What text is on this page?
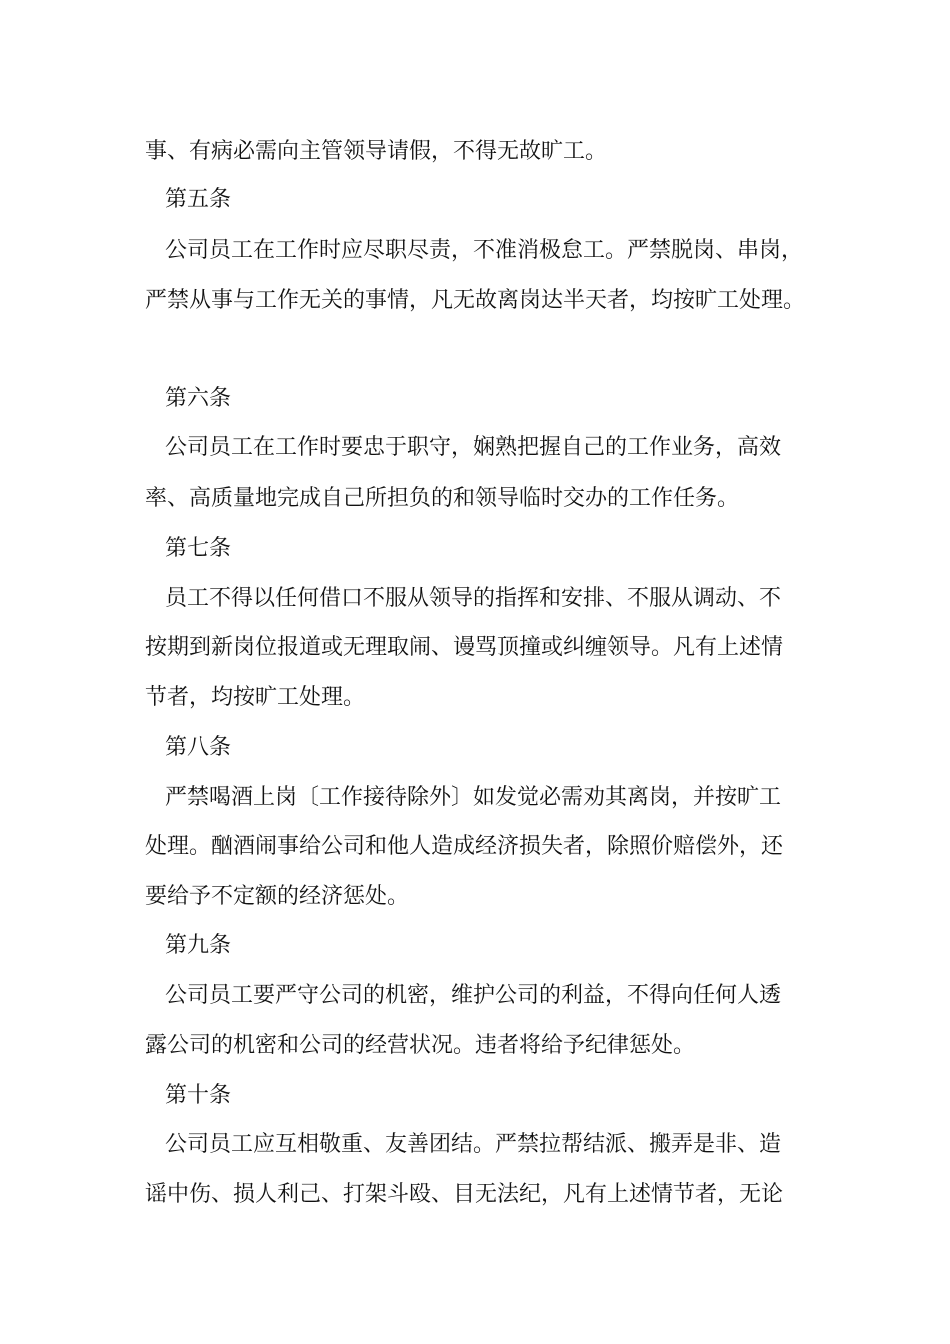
事、有病必需向主管领导请假，不得无故旷工。
第五条
公司员工在工作时应尽职尽责，不准消极怠工。严禁脱岗、串岗，
严禁从事与工作无关的事情，凡无故离岗达半天者，均按旷工处理。
第六条
公司员工在工作时要忠于职守，娴熟把握自己的工作业务，高效
率、高质量地完成自己所担负的和领导临时交办的工作任务。
第七条
员工不得以任何借口不服从领导的指挥和安排、不服从调动、不
按期到新岗位报道或无理取闹、谩骂顶撞或纠缠领导。凡有上述情
节者，均按旷工处理。
第八条
严禁喝酒上岗〔工作接待除外〕如发觉必需劝其离岗，并按旷工
处理。酗酒闹事给公司和他人造成经济损失者，除照价赔偿外，还
要给予不定额的经济惩处。
第九条
公司员工要严守公司的机密，维护公司的利益，不得向任何人透
露公司的机密和公司的经营状况。违者将给予纪律惩处。
第十条
公司员工应互相敬重、友善团结。严禁拉帮结派、搬弄是非、造
谣中伤、损人利己、打架斗殴、目无法纪，凡有上述情节者，无论
